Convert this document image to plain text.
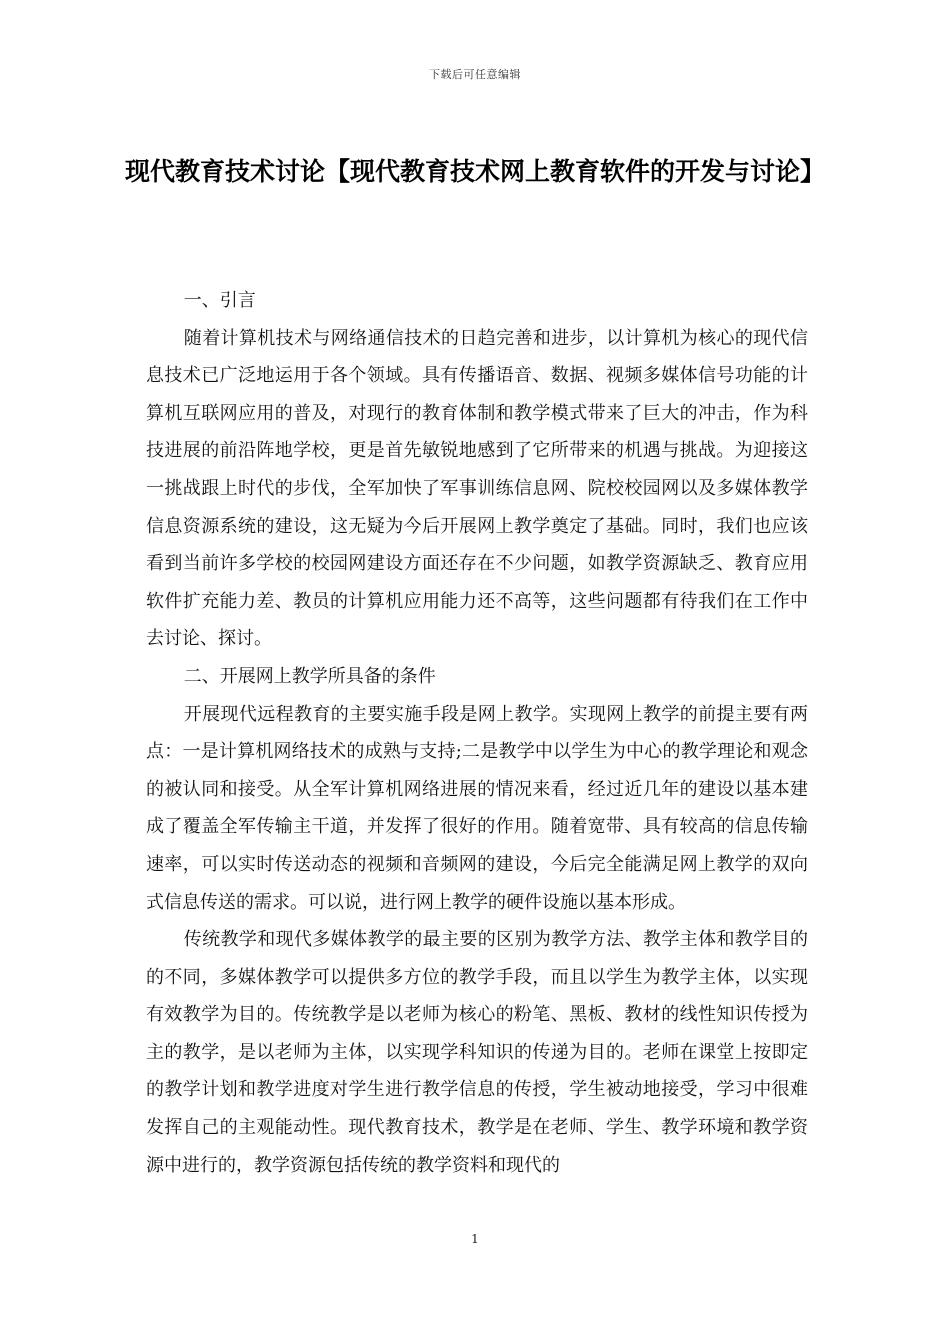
下载后可任意编辑
现代教育技术讨论【现代教育技术网上教育软件的开发与讨论】

一、引言

随着计算机技术与网络通信技术的日趋完善和进步，以计算机为核心的现代信息技术已广泛地运用于各个领域。具有传播语音、数据、视频多媒体信号功能的计算机互联网应用的普及，对现行的教育体制和教学模式带来了巨大的冲击，作为科技进展的前沿阵地学校，更是首先敏锐地感到了它所带来的机遇与挑战。为迎接这一挑战跟上时代的步伐，全军加快了军事训练信息网、院校校园网以及多媒体教学信息资源系统的建设，这无疑为今后开展网上教学奠定了基础。同时，我们也应该看到当前许多学校的校园网建设方面还存在不少问题，如教学资源缺乏、教育应用软件扩充能力差、教员的计算机应用能力还不高等，这些问题都有待我们在工作中去讨论、探讨。

二、开展网上教学所具备的条件

开展现代远程教育的主要实施手段是网上教学。实现网上教学的前提主要有两点：一是计算机网络技术的成熟与支持;二是教学中以学生为中心的教学理论和观念的被认同和接受。从全军计算机网络进展的情况来看，经过近几年的建设以基本建成了覆盖全军传输主干道，并发挥了很好的作用。随着宽带、具有较高的信息传输速率，可以实时传送动态的视频和音频网的建设，今后完全能满足网上教学的双向式信息传送的需求。可以说，进行网上教学的硬件设施以基本形成。

传统教学和现代多媒体教学的最主要的区别为教学方法、教学主体和教学目的的不同，多媒体教学可以提供多方位的教学手段，而且以学生为教学主体，以实现有效教学为目的。传统教学是以老师为核心的粉笔、黑板、教材的线性知识传授为主的教学，是以老师为主体，以实现学科知识的传递为目的。老师在课堂上按即定的教学计划和教学进度对学生进行教学信息的传授，学生被动地接受，学习中很难发挥自己的主观能动性。现代教育技术，教学是在老师、学生、教学环境和教学资源中进行的，教学资源包括传统的教学资料和现代的

1
